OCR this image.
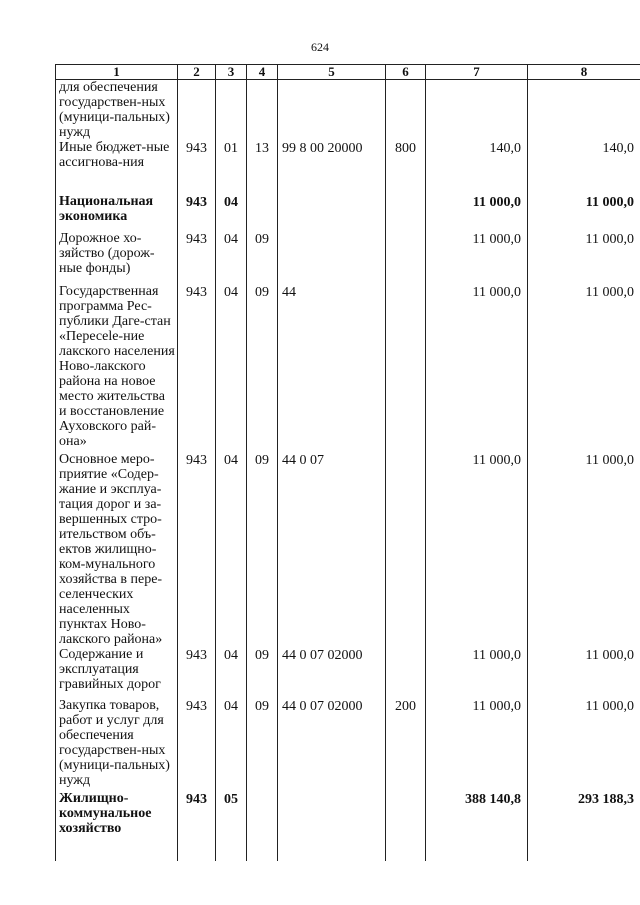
624
1	2	3	4	5	6	7	8
для обеспечения государствен-ных (муници-пальных) нужд							
Иные бюджет-ные ассигнова-ния	943	01	13	99 8 00 20000	800	140,0	140,0
Национальная экономика	943	04				11 000,0	11 000,0
Дорожное хо-зяйство (дорож-ные фонды)	943	04	09			11 000,0	11 000,0
Государственная программа Рес-публики Даге-стан «Пересele-ние лакского населения Ново-лакского района на новое место жительства и восстановление Ауховского рай-она»	943	04	09	44		11 000,0	11 000,0
Основное меро-приятие «Содер-жание и эксплуа-тация дорог и за-вершенных стро-ительством объ-ектов жилищно-ком-мунального хозяйства в пере-селенческих населенных пунктах Ново-лакского района»	943	04	09	44 0 07		11 000,0	11 000,0
Содержание и эксплуатация гравийных дорог	943	04	09	44 0 07 02000		11 000,0	11 000,0
Закупка товаров, работ и услуг для обеспечения государствен-ных (муници-пальных) нужд	943	04	09	44 0 07 02000	200	11 000,0	11 000,0
Жилищно-коммунальное хозяйство	943	05				388 140,8	293 188,3
